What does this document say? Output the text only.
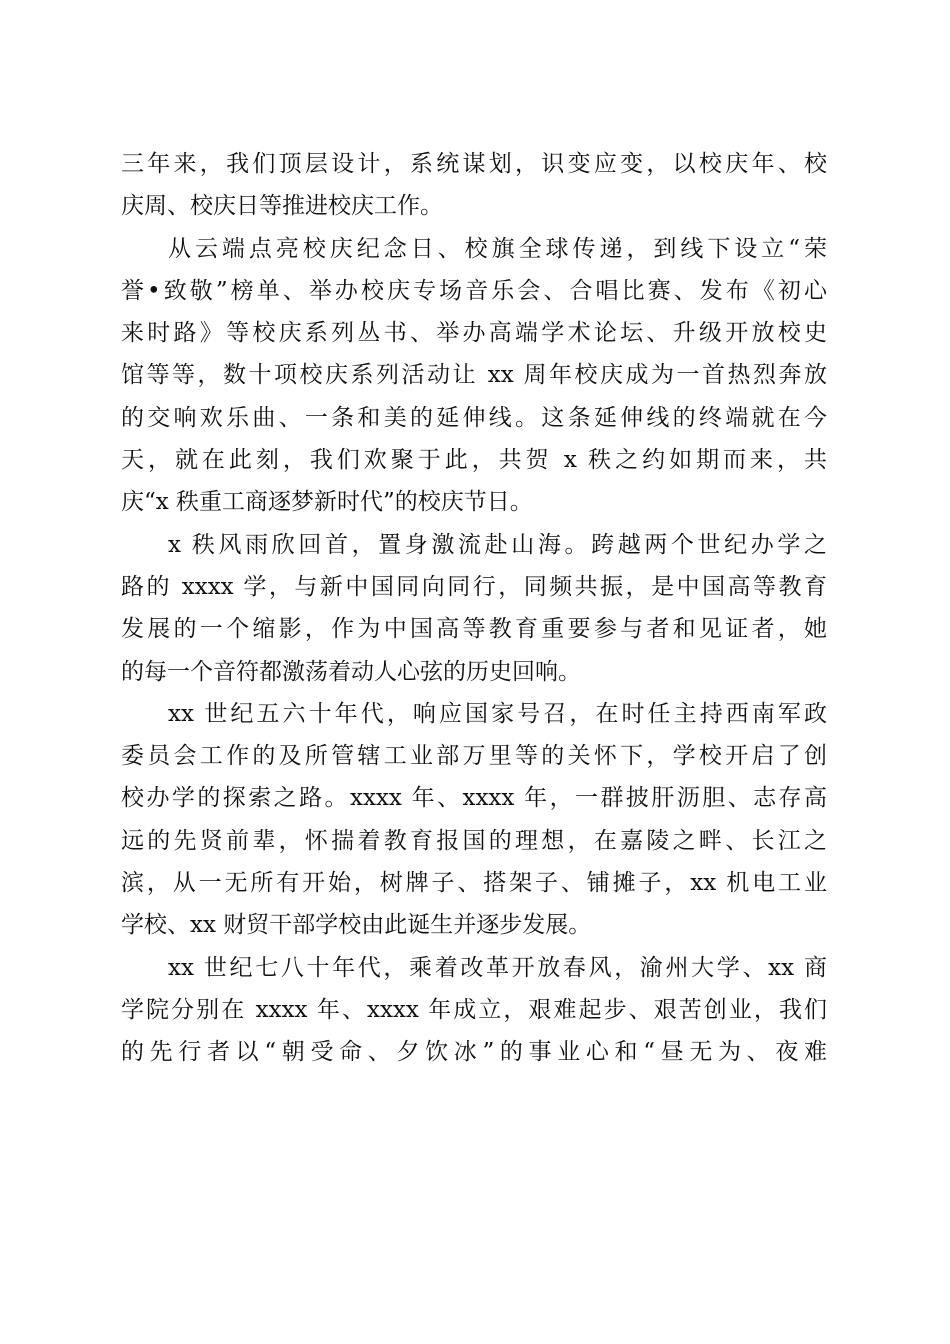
三年来，我们顶层设计，系统谋划，识变应变，以校庆年、校
庆周、校庆日等推进校庆工作。
从云端点亮校庆纪念日、校旗全球传递，到线下设立“荣
誉•致敬”榜单、举办校庆专场音乐会、合唱比赛、发布《初心
来时路》等校庆系列丛书、举办高端学术论坛、升级开放校史
馆等等，数十项校庆系列活动让 xx 周年校庆成为一首热烈奔放
的交响欢乐曲、一条和美的延伸线。这条延伸线的终端就在今
天，就在此刻，我们欢聚于此，共贺 x 秩之约如期而来，共
庆“x 秩重工商逐梦新时代”的校庆节日。
x 秩风雨欣回首，置身激流赴山海。跨越两个世纪办学之
路的 xxxx 学，与新中国同向同行，同频共振，是中国高等教育
发展的一个缩影，作为中国高等教育重要参与者和见证者，她
的每一个音符都激荡着动人心弦的历史回响。
xx 世纪五六十年代，响应国家号召，在时任主持西南军政
委员会工作的及所管辖工业部万里等的关怀下，学校开启了创
校办学的探索之路。xxxx 年、xxxx 年，一群披肝沥胆、志存高
远的先贤前辈，怀揣着教育报国的理想，在嘉陵之畔、长江之
滨，从一无所有开始，树牌子、搭架子、铺摊子，xx 机电工业
学校、xx 财贸干部学校由此诞生并逐步发展。
xx 世纪七八十年代，乘着改革开放春风，渝州大学、xx 商
学院分别在 xxxx 年、xxxx 年成立，艰难起步、艰苦创业，我们
的先行者以“朝受命、夕饮冰”的事业心和“昼无为、夜难
